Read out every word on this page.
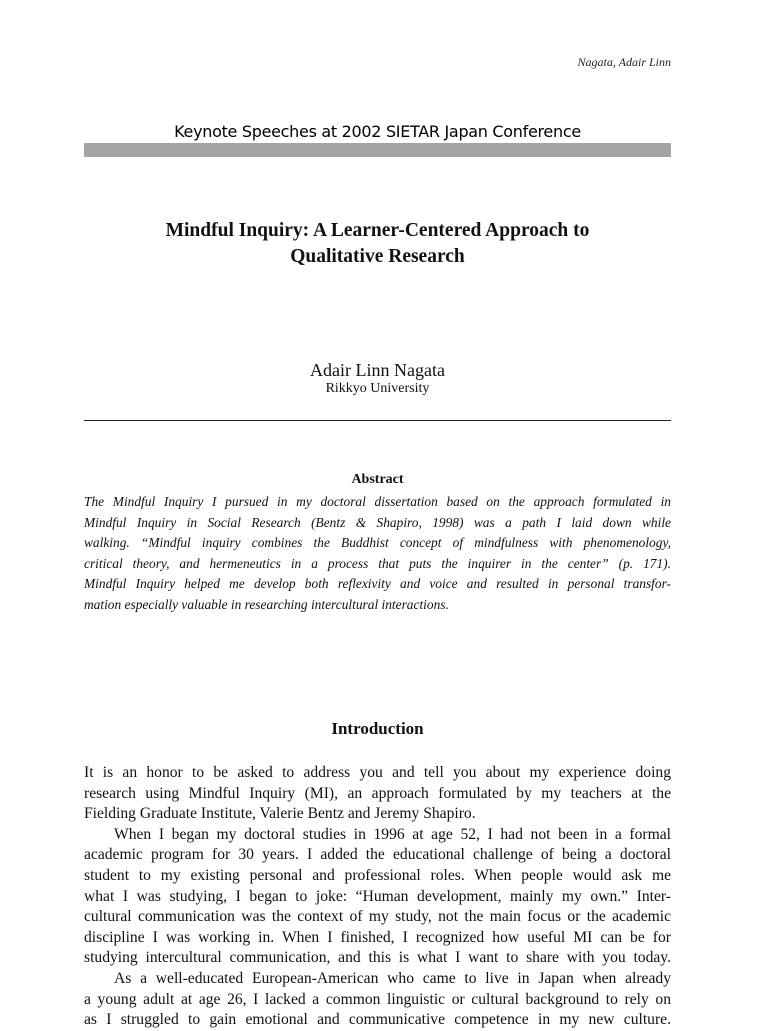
Nagata, Adair Linn
Keynote Speeches at 2002 SIETAR Japan Conference
Mindful Inquiry: A Learner-Centered Approach to
Qualitative Research
Adair Linn Nagata
Rikkyo University
Abstract
The Mindful Inquiry I pursued in my doctoral dissertation based on the approach formulated in
Mindful Inquiry in Social Research (Bentz & Shapiro, 1998) was a path I laid down while
walking. “Mindful inquiry combines the Buddhist concept of mindfulness with phenomenology,
critical theory, and hermeneutics in a process that puts the inquirer in the center” (p. 171).
Mindful Inquiry helped me develop both reflexivity and voice and resulted in personal transfor-
mation especially valuable in researching intercultural interactions.
Introduction
It is an honor to be asked to address you and tell you about my experience doing
research using Mindful Inquiry (MI), an approach formulated by my teachers at the
Fielding Graduate Institute, Valerie Bentz and Jeremy Shapiro.
When I began my doctoral studies in 1996 at age 52, I had not been in a formal
academic program for 30 years. I added the educational challenge of being a doctoral
student to my existing personal and professional roles. When people would ask me
what I was studying, I began to joke: “Human development, mainly my own.” Inter-
cultural communication was the context of my study, not the main focus or the academic
discipline I was working in. When I finished, I recognized how useful MI can be for
studying intercultural communication, and this is what I want to share with you today.
As a well-educated European-American who came to live in Japan when already
a young adult at age 26, I lacked a common linguistic or cultural background to rely on
as I struggled to gain emotional and communicative competence in my new culture.
